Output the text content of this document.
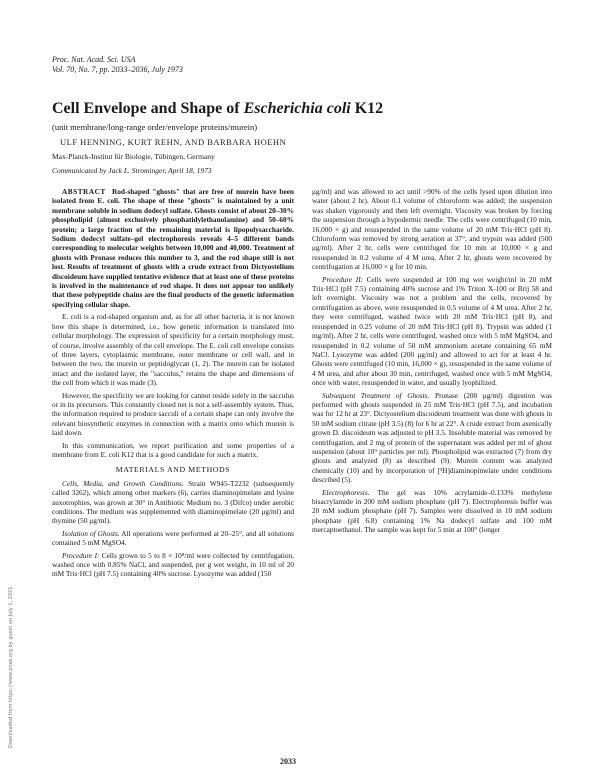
Proc. Nat. Acad. Sci. USA
Vol. 70, No. 7, pp. 2033–2036, July 1973
Cell Envelope and Shape of Escherichia coli K12
(unit membrane/long-range order/envelope proteins/murein)
ULF HENNING, KURT REHN, AND BARBARA HOEHN
Max-Planck-Institut für Biologie, Tübingen, Germany
Communicated by Jack L. Strominger, April 18, 1973

ABSTRACT Rod-shaped "ghosts" that are free of murein have been isolated from E. coli. The shape of these "ghosts" is maintained by a unit membrane soluble in sodium dodecyl sulfate. Ghosts consist of about 20–30% phospholipid (almost exclusively phosphatidylethanolamine) and 50–60% protein; a large fraction of the remaining material is lipopolysaccharide. Sodium dodecyl sulfate–gel electrophoresis reveals 4–5 different bands corresponding to molecular weights between 10,000 and 40,000. Treatment of ghosts with Pronase reduces this number to 3, and the rod shape still is not lost. Results of treatment of ghosts with a crude extract from Dictyostelium discoideum have supplied tentative evidence that at least one of these proteins is involved in the maintenance of rod shape. It does not appear too unlikely that these polypeptide chains are the final products of the genetic information specifying cellular shape.

E. coli is a rod-shaped organism and, as for all other bacteria, it is not known how this shape is determined, i.e., how genetic information is translated into cellular morphology. The expression of specificity for a certain morphology must, of course, involve assembly of the cell envelope. The E. coli cell envelope consists of three layers, cytoplasmic membrane, outer membrane or cell wall, and in between the two, the murein or peptidoglycan (1, 2). The murein can be isolated intact and the isolated layer, the "sacculus," retains the shape and dimensions of the cell from which it was made (3).

However, the specificity we are looking for cannot reside solely in the sacculus or in its precursors. This constantly closed net is not a self-assembly system. Thus, the information required to produce sacculi of a certain shape can only involve the relevant biosynthetic enzymes in connection with a matrix onto which murein is laid down.

In this communication, we report purification and some properties of a membrane from E. coli K12 that is a good candidate for such a matrix.

MATERIALS AND METHODS

Cells, Media, and Growth Conditions. Strain W945-T2232 (subsequently called 3262), which among other markers (6), carries diaminopimelate and lysine auxotrophies, was grown at 30° in Antibiotic Medium no. 3 (Difco) under aerobic conditions. The medium was supplemented with diaminopimelate (20 μg/ml) and thymine (50 μg/ml).

Isolation of Ghosts. All operations were performed at 20–25°, and all solutions contained 5 mM MgSO4.

Procedure I: Cells grown to 5 to 8 × 10⁸/ml were collected by centrifugation, washed once with 0.85% NaCl, and suspended, per g wet weight, in 10 ml of 20 mM Tris·HCl (pH 7.5) containing 40% sucrose. Lysozyme was added (150

μg/ml) and was allowed to act until >90% of the cells lysed upon dilution into water (about 2 hr). About 0.1 volume of chloroform was added; the suspension was shaken vigorously and then left overnight. Viscosity was broken by forcing the suspension through a hypodermic needle. The cells were centrifuged (10 min, 16,000 × g) and resuspended in the same volume of 20 mM Tris·HCl (pH 8). Chloroform was removed by strong aeration at 37°, and trypsin was added (500 μg/ml). After 2 hr, cells were centrifuged for 10 min at 10,000 × g and resuspended in 0.2 volume of 4 M urea. After 2 hr, ghosts were recovered by centrifugation at 16,000 × g for 10 min.

Procedure II: Cells were suspended at 100 mg wet weight/ml in 20 mM Tris·HCl (pH 7.5) containing 40% sucrose and 1% Triton X-100 or Brij 58 and left overnight. Viscosity was not a problem and the cells, recovered by centrifugation as above, were resuspended in 0.5 volume of 4 M urea. After 2 hr, they were centrifuged, washed twice with 20 mM Tris·HCl (pH 8), and resuspended in 0.25 volume of 20 mM Tris·HCl (pH 8). Trypsin was added (1 mg/ml). After 2 hr, cells were centrifuged, washed once with 5 mM MgSO4, and resuspended in 0.2 volume of 50 mM ammonium acetate containing 65 mM NaCl. Lysozyme was added (200 μg/ml) and allowed to act for at least 4 hr. Ghosts were centrifuged (10 min, 16,000 × g), resuspended in the same volume of 4 M urea, and after about 30 min, centrifuged, washed once with 5 mM MgSO4, once with water, resuspended in water, and usually lyophilized.

Subsequent Treatment of Ghosts. Pronase (200 μg/ml) digestion was performed with ghosts suspended in 25 mM Tris·HCl (pH 7.5), and incubation was for 12 hr at 23°. Dictyostelium discoideum treatment was done with ghosts in 50 mM sodium citrate (pH 3.5) (8) for 6 hr at 22°. A crude extract from axenically grown D. discoideum was adjusted to pH 3.5. Insoluble material was removed by centrifugation, and 2 mg of protein of the supernatant was added per ml of ghost suspension (about 10⁹ particles per ml). Phospholipid was extracted (7) from dry ghosts and analyzed (8) as described (9). Murein content was analyzed chemically (10) and by incorporation of [³H]diaminopimelate under conditions described (5).

Electrophoresis. The gel was 10% acrylamide–0.133% methylene bisacrylamide in 200 mM sodium phosphate (pH 7). Electrophoresis buffer was 20 mM sodium phosphate (pH 7). Samples were dissolved in 10 mM sodium phosphate (pH 6.8) containing 1% Na dodecyl sulfate and 100 mM mercaptoethanol. The sample was kept for 5 min at 100° (longer

2033
Downloaded from https://www.pnas.org by guest on July 1, 2021
